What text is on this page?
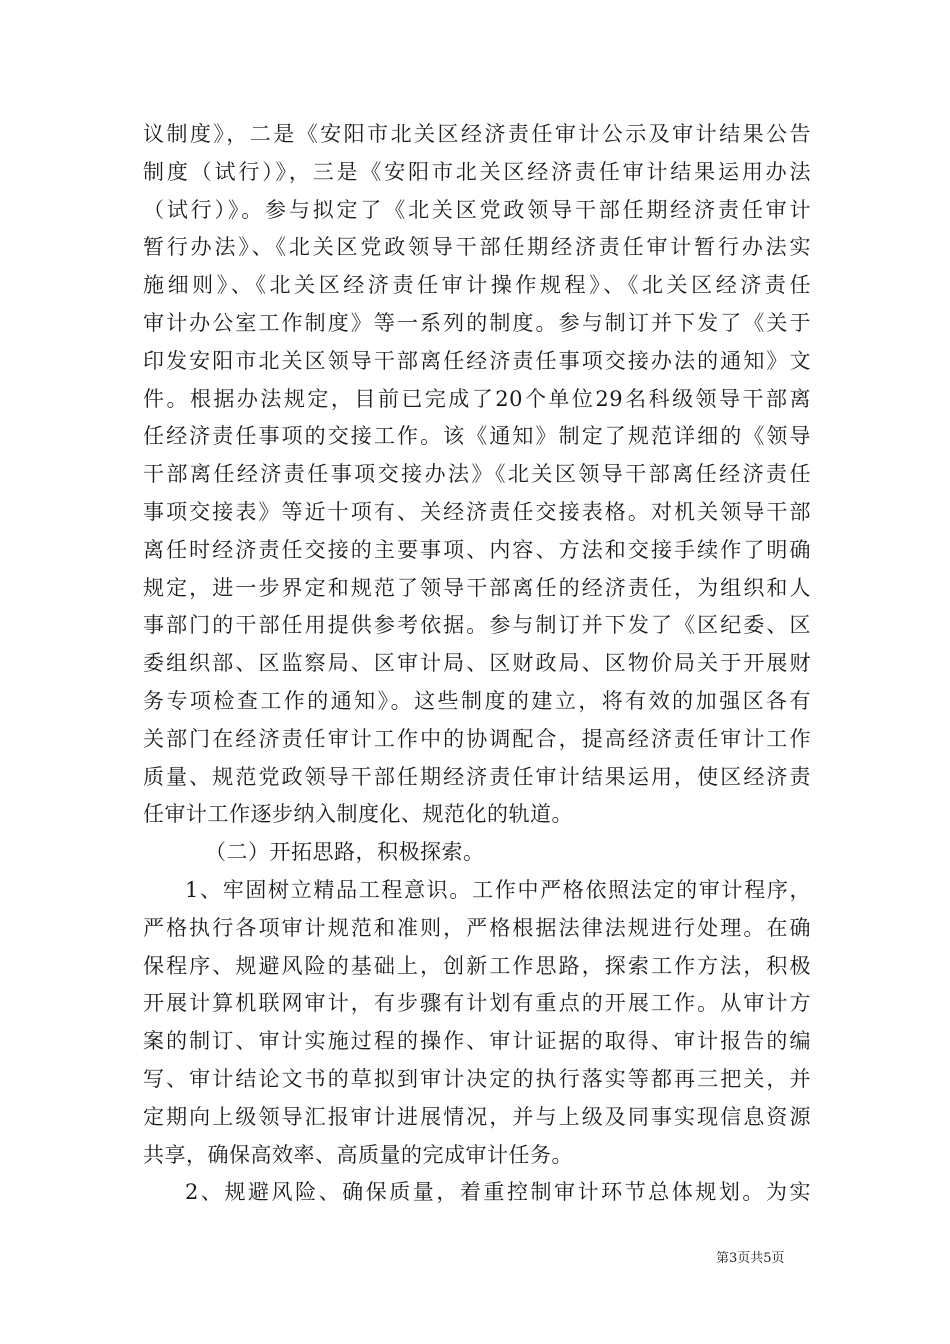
议制度》，二是《安阳市北关区经济责任审计公示及审计结果公告
制度（试行）》，三是《安阳市北关区经济责任审计结果运用办法
（试行）》。参与拟定了《北关区党政领导干部任期经济责任审计
暂行办法》、《北关区党政领导干部任期经济责任审计暂行办法实
施细则》、《北关区经济责任审计操作规程》、《北关区经济责任
审计办公室工作制度》等一系列的制度。参与制订并下发了《关于
印发安阳市北关区领导干部离任经济责任事项交接办法的通知》文
件。根据办法规定，目前已完成了20个单位29名科级领导干部离
任经济责任事项的交接工作。该《通知》制定了规范详细的《领导
干部离任经济责任事项交接办法》《北关区领导干部离任经济责任
事项交接表》等近十项有、关经济责任交接表格。对机关领导干部
离任时经济责任交接的主要事项、内容、方法和交接手续作了明确
规定，进一步界定和规范了领导干部离任的经济责任，为组织和人
事部门的干部任用提供参考依据。参与制订并下发了《区纪委、区
委组织部、区监察局、区审计局、区财政局、区物价局关于开展财
务专项检查工作的通知》。这些制度的建立，将有效的加强区各有
关部门在经济责任审计工作中的协调配合，提高经济责任审计工作
质量、规范党政领导干部任期经济责任审计结果运用，使区经济责
任审计工作逐步纳入制度化、规范化的轨道。
（二）开拓思路，积极探索。
1、牢固树立精品工程意识。工作中严格依照法定的审计程序，
严格执行各项审计规范和准则，严格根据法律法规进行处理。在确
保程序、规避风险的基础上，创新工作思路，探索工作方法，积极
开展计算机联网审计，有步骤有计划有重点的开展工作。从审计方
案的制订、审计实施过程的操作、审计证据的取得、审计报告的编
写、审计结论文书的草拟到审计决定的执行落实等都再三把关，并
定期向上级领导汇报审计进展情况，并与上级及同事实现信息资源
共享，确保高效率、高质量的完成审计任务。
2、规避风险、确保质量，着重控制审计环节总体规划。为实
第3页共5页
